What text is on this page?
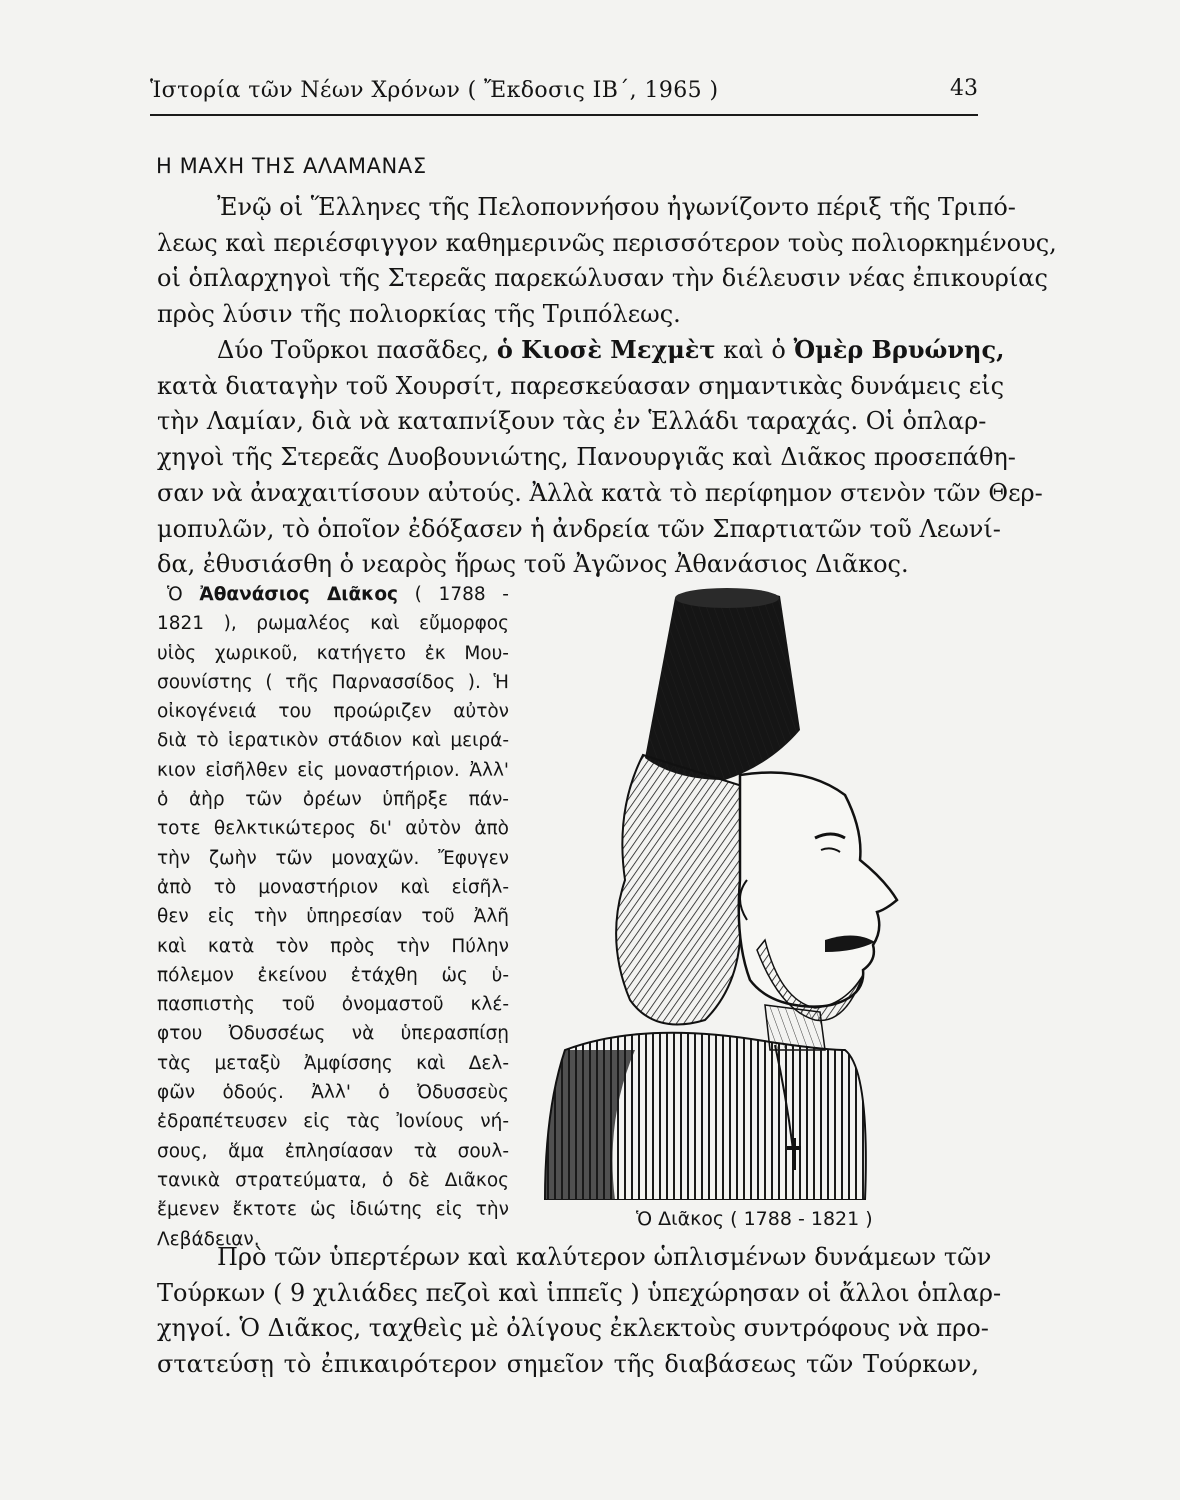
Ἱστορία τῶν Νέων Χρόνων ( Ἔκδοσις ΙΒ΄, 1965 )	43
Η ΜΑΧΗ ΤΗΣ ΑΛΑΜΑΝΑΣ
Ἐνῷ οἱ Ἕλληνες τῆς Πελοποννήσου ἠγωνίζοντο πέριξ τῆς Τριπό-
λεως καὶ περιέσφιγγον καθημερινῶς περισσότερον τοὺς πολιορκημένους,
οἱ ὁπλαρχηγοὶ τῆς Στερεᾶς παρεκώλυσαν τὴν διέλευσιν νέας ἐπικουρίας
πρὸς λύσιν τῆς πολιορκίας τῆς Τριπόλεως.
Δύο Τοῦρκοι πασᾶδες, ὁ Κιοσὲ Μεχμὲτ καὶ ὁ Ὀμὲρ Βρυώνης,
κατὰ διαταγὴν τοῦ Χουρσίτ, παρεσκεύασαν σημαντικὰς δυνάμεις εἰς
τὴν Λαμίαν, διὰ νὰ καταπνίξουν τὰς ἐν Ἑλλάδι ταραχάς. Οἱ ὁπλαρ-
χηγοὶ τῆς Στερεᾶς Δυοβουνιώτης, Πανουργιᾶς καὶ Διᾶκος προσεπάθη-
σαν νὰ ἀναχαιτίσουν αὐτούς. Ἀλλὰ κατὰ τὸ περίφημον στενὸν τῶν Θερ-
μοπυλῶν, τὸ ὁποῖον ἐδόξασεν ἡ ἀνδρεία τῶν Σπαρτιατῶν τοῦ Λεωνί-
δα, ἐθυσιάσθη ὁ νεαρὸς ἥρως τοῦ Ἀγῶνος Ἀθανάσιος Διᾶκος.
Ὁ Ἀθανάσιος Διᾶκος ( 1788 -
1821 ), ρωμαλέος καὶ εὔμορφος
υἱὸς χωρικοῦ, κατήγετο ἐκ Μου-
σουνίστης ( τῆς Παρνασσίδος ). Ἡ
οἰκογένειά του προώριζεν αὐτὸν
διὰ τὸ ἱερατικὸν στάδιον καὶ μειρά-
κιον εἰσῆλθεν εἰς μοναστήριον. Ἀλλ'
ὁ ἀὴρ τῶν ὀρέων ὑπῆρξε πάν-
τοτε θελκτικώτερος δι' αὐτὸν ἀπὸ
τὴν ζωὴν τῶν μοναχῶν. Ἔφυγεν
ἀπὸ τὸ μοναστήριον καὶ εἰσῆλ-
θεν εἰς τὴν ὑπηρεσίαν τοῦ Ἀλῆ
καὶ κατὰ τὸν πρὸς τὴν Πύλην
πόλεμον ἐκείνου ἐτάχθη ὡς ὑ-
πασπιστὴς τοῦ ὀνομαστοῦ κλέ-
φτου Ὀδυσσέως νὰ ὑπερασπίσῃ
τὰς μεταξὺ Ἀμφίσσης καὶ Δελ-
φῶν ὁδούς. Ἀλλ' ὁ Ὀδυσσεὺς
ἐδραπέτευσεν εἰς τὰς Ἰονίους νή-
σους, ἅμα ἐπλησίασαν τὰ σουλ-
τανικὰ στρατεύματα, ὁ δὲ Διᾶκος
ἔμενεν ἔκτοτε ὡς ἰδιώτης εἰς τὴν
Λεβάδειαν.
Ὁ Διᾶκος ( 1788 - 1821 )
Πρὸ τῶν ὑπερτέρων καὶ καλύτερον ὡπλισμένων δυνάμεων τῶν
Τούρκων ( 9 χιλιάδες πεζοὶ καὶ ἱππεῖς ) ὑπεχώρησαν οἱ ἄλλοι ὁπλαρ-
χηγοί. Ὁ Διᾶκος, ταχθεὶς μὲ ὀλίγους ἐκλεκτοὺς συντρόφους νὰ προ-
στατεύσῃ τὸ ἐπικαιρότερον σημεῖον τῆς διαβάσεως τῶν Τούρκων,
